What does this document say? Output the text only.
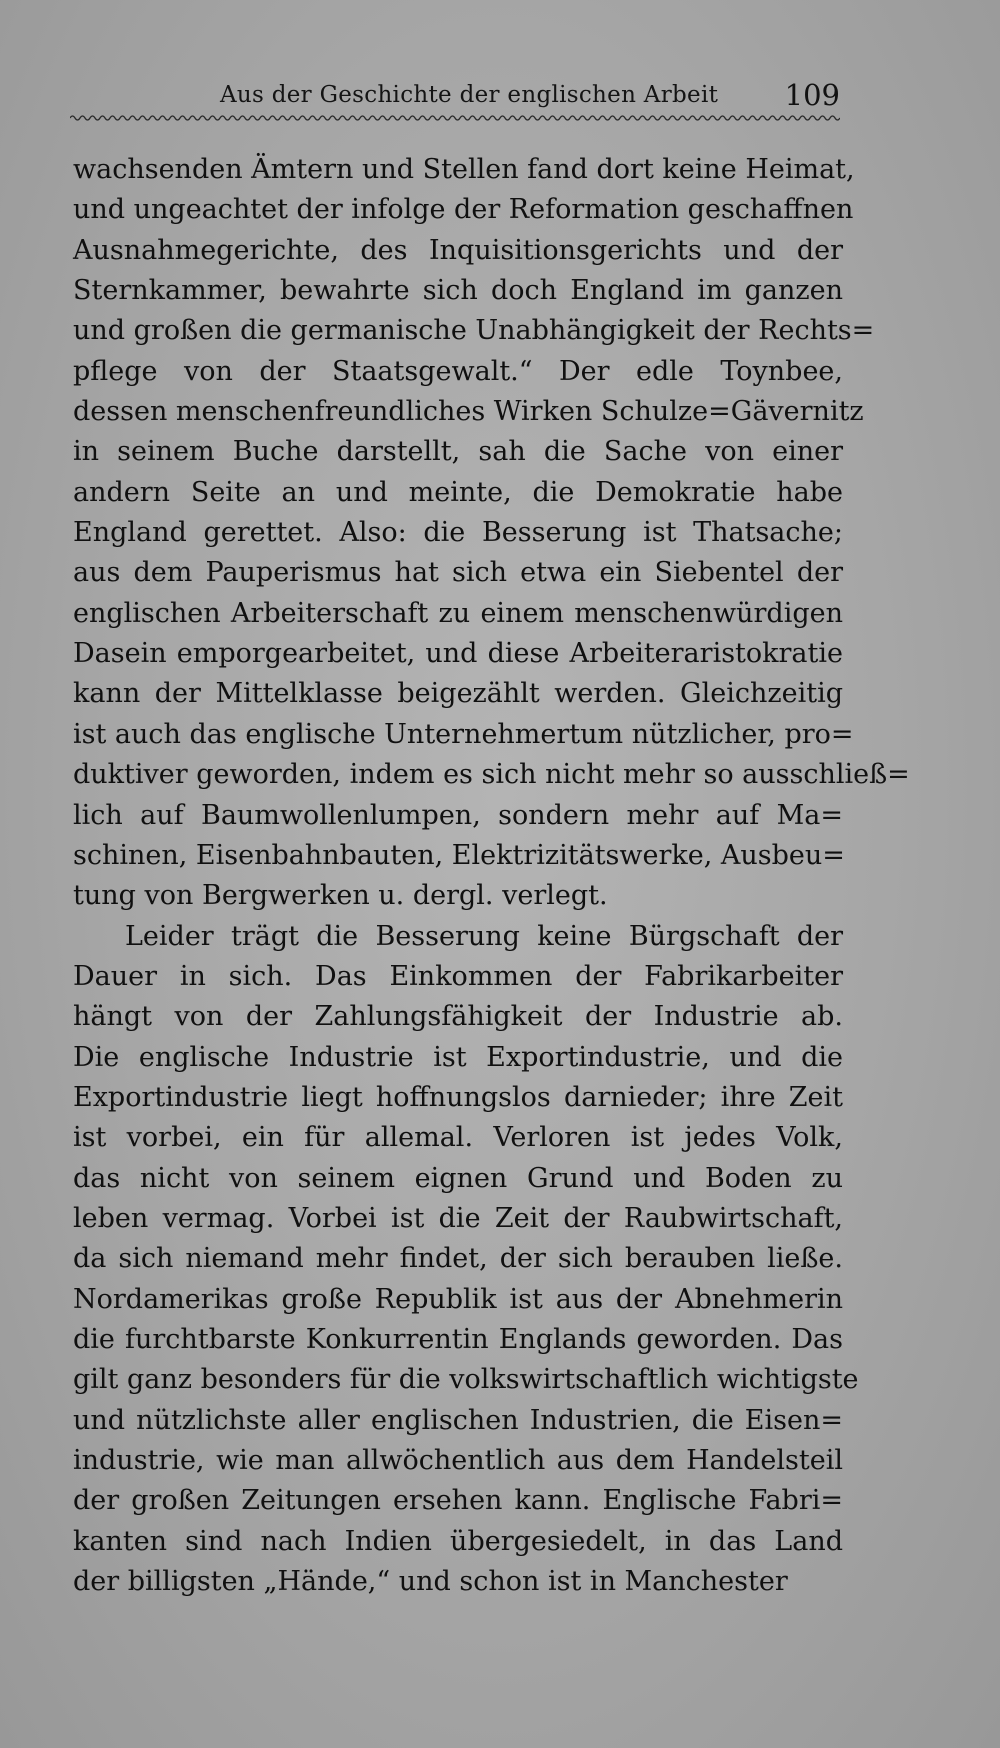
Aus der Geschichte der englischen Arbeit 109
wachsenden Ämtern und Stellen fand dort keine Heimat,
und ungeachtet der infolge der Reformation geschaffnen
Ausnahmegerichte, des Inquisitionsgerichts und der
Sternkammer, bewahrte sich doch England im ganzen
und großen die germanische Unabhängigkeit der Rechts=
pflege von der Staatsgewalt.“ Der edle Toynbee,
dessen menschenfreundliches Wirken Schulze=Gävernitz
in seinem Buche darstellt, sah die Sache von einer
andern Seite an und meinte, die Demokratie habe
England gerettet. Also: die Besserung ist Thatsache;
aus dem Pauperismus hat sich etwa ein Siebentel der
englischen Arbeiterschaft zu einem menschenwürdigen
Dasein emporgearbeitet, und diese Arbeiteraristokratie
kann der Mittelklasse beigezählt werden. Gleichzeitig
ist auch das englische Unternehmertum nützlicher, pro=
duktiver geworden, indem es sich nicht mehr so ausschließ=
lich auf Baumwollenlumpen, sondern mehr auf Ma=
schinen, Eisenbahnbauten, Elektrizitätswerke, Ausbeu=
tung von Bergwerken u. dergl. verlegt.
Leider trägt die Besserung keine Bürgschaft der
Dauer in sich. Das Einkommen der Fabrikarbeiter
hängt von der Zahlungsfähigkeit der Industrie ab.
Die englische Industrie ist Exportindustrie, und die
Exportindustrie liegt hoffnungslos darnieder; ihre Zeit
ist vorbei, ein für allemal. Verloren ist jedes Volk,
das nicht von seinem eignen Grund und Boden zu
leben vermag. Vorbei ist die Zeit der Raubwirtschaft,
da sich niemand mehr findet, der sich berauben ließe.
Nordamerikas große Republik ist aus der Abnehmerin
die furchtbarste Konkurrentin Englands geworden. Das
gilt ganz besonders für die volkswirtschaftlich wichtigste
und nützlichste aller englischen Industrien, die Eisen=
industrie, wie man allwöchentlich aus dem Handelsteil
der großen Zeitungen ersehen kann. Englische Fabri=
kanten sind nach Indien übergesiedelt, in das Land
der billigsten „Hände,“ und schon ist in Manchester
